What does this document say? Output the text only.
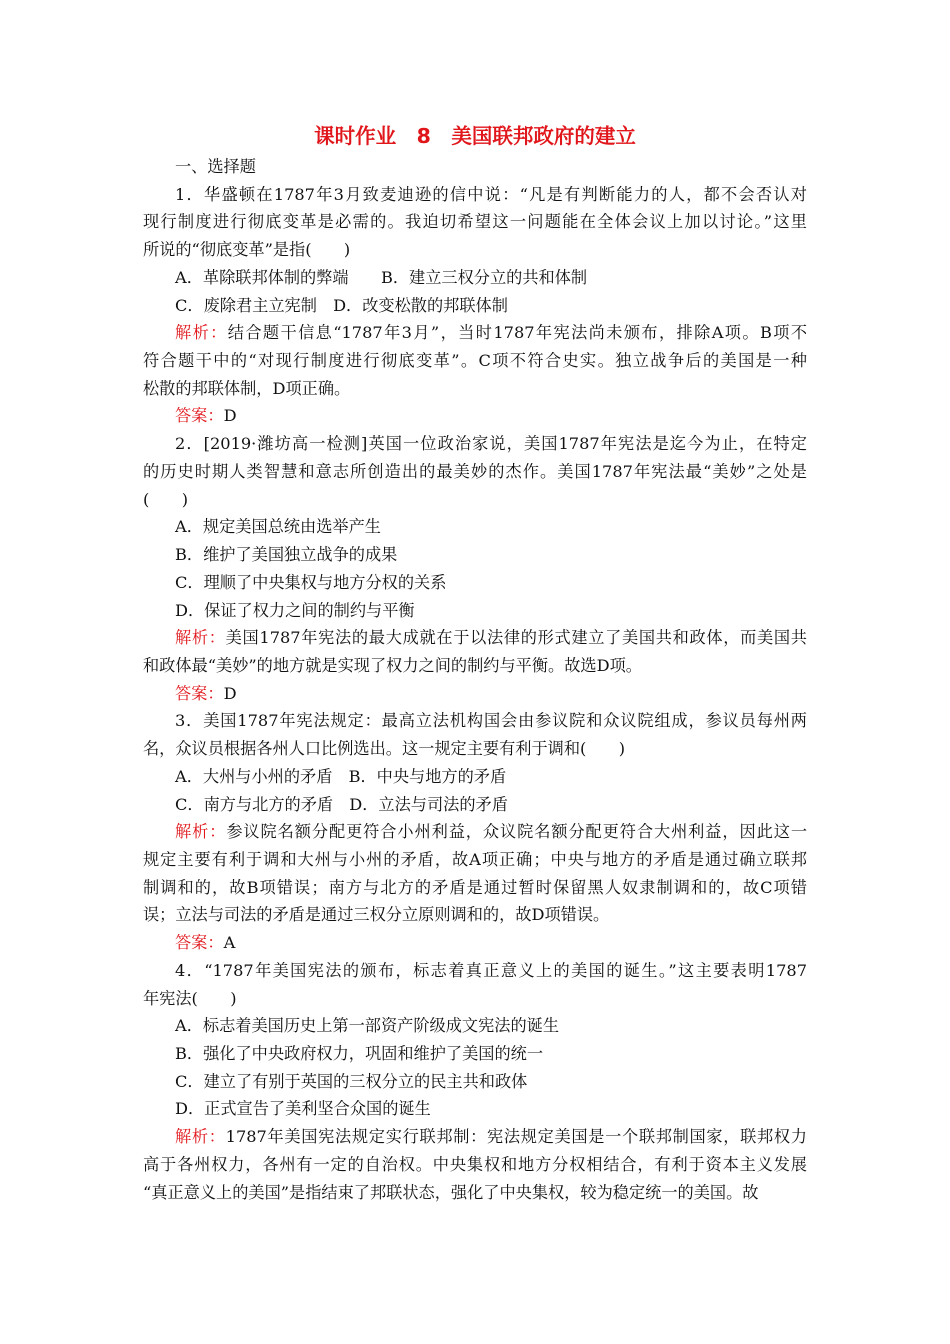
课时作业　8　美国联邦政府的建立
一、选择题
1．华盛顿在1787年3月致麦迪逊的信中说：“凡是有判断能力的人，都不会否认对
现行制度进行彻底变革是必需的。我迫切希望这一问题能在全体会议上加以讨论。”这里
所说的“彻底变革”是指(　　)
A．革除联邦体制的弊端　　B．建立三权分立的共和体制
C．废除君主立宪制　D．改变松散的邦联体制
解析：结合题干信息“1787年3月”，当时1787年宪法尚未颁布，排除A项。B项不
符合题干中的“对现行制度进行彻底变革”。C项不符合史实。独立战争后的美国是一种
松散的邦联体制，D项正确。
答案：D
2．[2019·潍坊高一检测]英国一位政治家说，美国1787年宪法是迄今为止，在特定
的历史时期人类智慧和意志所创造出的最美妙的杰作。美国1787年宪法最“美妙”之处是
(　　)
A．规定美国总统由选举产生
B．维护了美国独立战争的成果
C．理顺了中央集权与地方分权的关系
D．保证了权力之间的制约与平衡
解析：美国1787年宪法的最大成就在于以法律的形式建立了美国共和政体，而美国共
和政体最“美妙”的地方就是实现了权力之间的制约与平衡。故选D项。
答案：D
3．美国1787年宪法规定：最高立法机构国会由参议院和众议院组成，参议员每州两
名，众议员根据各州人口比例选出。这一规定主要有利于调和(　　)
A．大州与小州的矛盾　B．中央与地方的矛盾
C．南方与北方的矛盾　D．立法与司法的矛盾
解析：参议院名额分配更符合小州利益，众议院名额分配更符合大州利益，因此这一
规定主要有利于调和大州与小州的矛盾，故A项正确；中央与地方的矛盾是通过确立联邦
制调和的，故B项错误；南方与北方的矛盾是通过暂时保留黑人奴隶制调和的，故C项错
误；立法与司法的矛盾是通过三权分立原则调和的，故D项错误。
答案：A
4．“1787年美国宪法的颁布，标志着真正意义上的美国的诞生。”这主要表明1787
年宪法(　　)
A．标志着美国历史上第一部资产阶级成文宪法的诞生
B．强化了中央政府权力，巩固和维护了美国的统一
C．建立了有别于英国的三权分立的民主共和政体
D．正式宣告了美利坚合众国的诞生
解析：1787年美国宪法规定实行联邦制：宪法规定美国是一个联邦制国家，联邦权力
高于各州权力，各州有一定的自治权。中央集权和地方分权相结合，有利于资本主义发展
“真正意义上的美国”是指结束了邦联状态，强化了中央集权，较为稳定统一的美国。故
